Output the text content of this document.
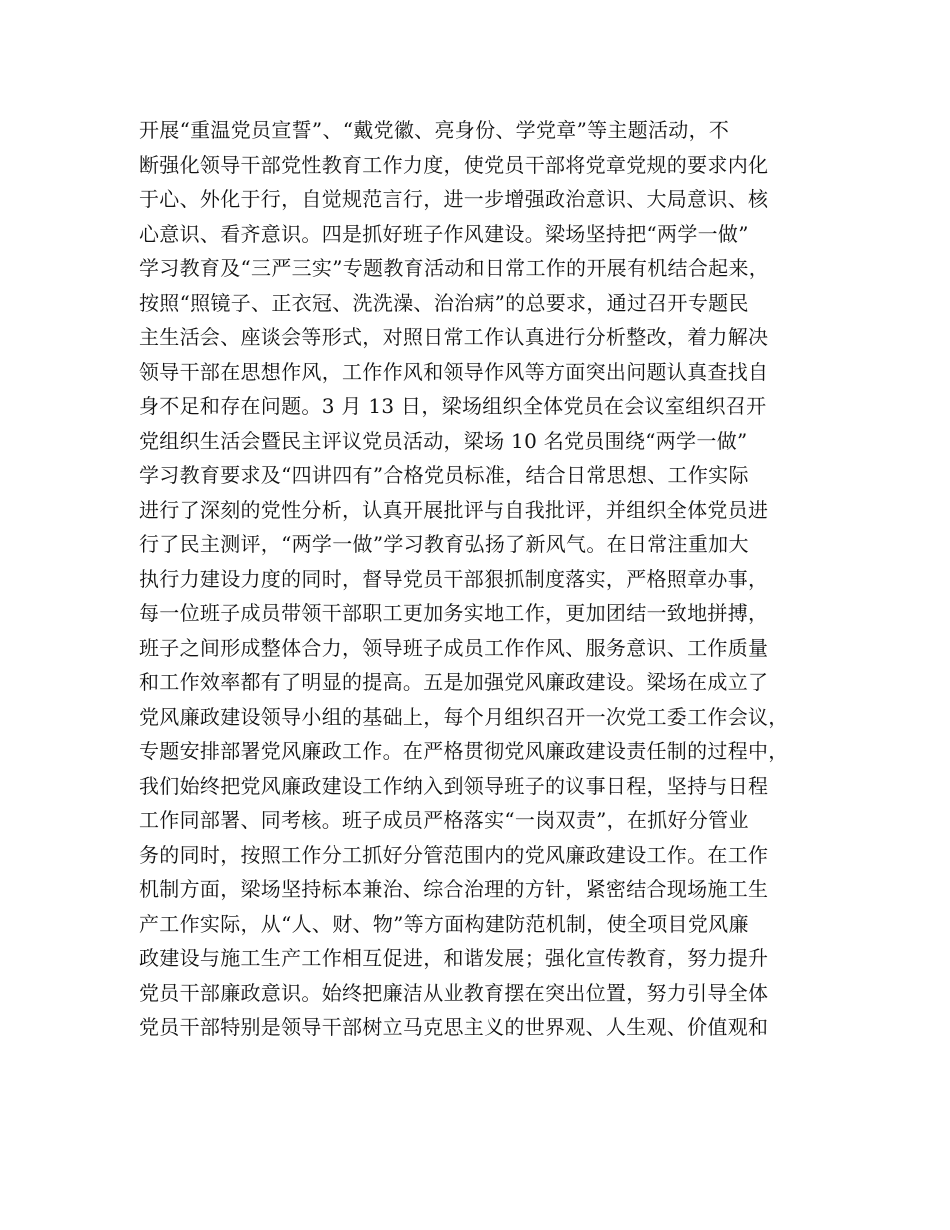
开展“重温党员宣誓”、“戴党徽、亮身份、学党章”等主题活动，不
断强化领导干部党性教育工作力度，使党员干部将党章党规的要求内化
于心、外化于行，自觉规范言行，进一步增强政治意识、大局意识、核
心意识、看齐意识。四是抓好班子作风建设。梁场坚持把“两学一做”
学习教育及“三严三实”专题教育活动和日常工作的开展有机结合起来，
按照“照镜子、正衣冠、洗洗澡、治治病”的总要求，通过召开专题民
主生活会、座谈会等形式，对照日常工作认真进行分析整改，着力解决
领导干部在思想作风，工作作风和领导作风等方面突出问题认真查找自
身不足和存在问题。3 月 13 日，梁场组织全体党员在会议室组织召开
党组织生活会暨民主评议党员活动，梁场 10 名党员围绕“两学一做”
学习教育要求及“四讲四有”合格党员标准，结合日常思想、工作实际
进行了深刻的党性分析，认真开展批评与自我批评，并组织全体党员进
行了民主测评，“两学一做”学习教育弘扬了新风气。在日常注重加大
执行力建设力度的同时，督导党员干部狠抓制度落实，严格照章办事，
每一位班子成员带领干部职工更加务实地工作，更加团结一致地拼搏，
班子之间形成整体合力，领导班子成员工作作风、服务意识、工作质量
和工作效率都有了明显的提高。五是加强党风廉政建设。梁场在成立了
党风廉政建设领导小组的基础上，每个月组织召开一次党工委工作会议，
专题安排部署党风廉政工作。在严格贯彻党风廉政建设责任制的过程中，
我们始终把党风廉政建设工作纳入到领导班子的议事日程，坚持与日程
工作同部署、同考核。班子成员严格落实“一岗双责”，在抓好分管业
务的同时，按照工作分工抓好分管范围内的党风廉政建设工作。在工作
机制方面，梁场坚持标本兼治、综合治理的方针，紧密结合现场施工生
产工作实际，从“人、财、物”等方面构建防范机制，使全项目党风廉
政建设与施工生产工作相互促进，和谐发展；强化宣传教育，努力提升
党员干部廉政意识。始终把廉洁从业教育摆在突出位置，努力引导全体
党员干部特别是领导干部树立马克思主义的世界观、人生观、价值观和
